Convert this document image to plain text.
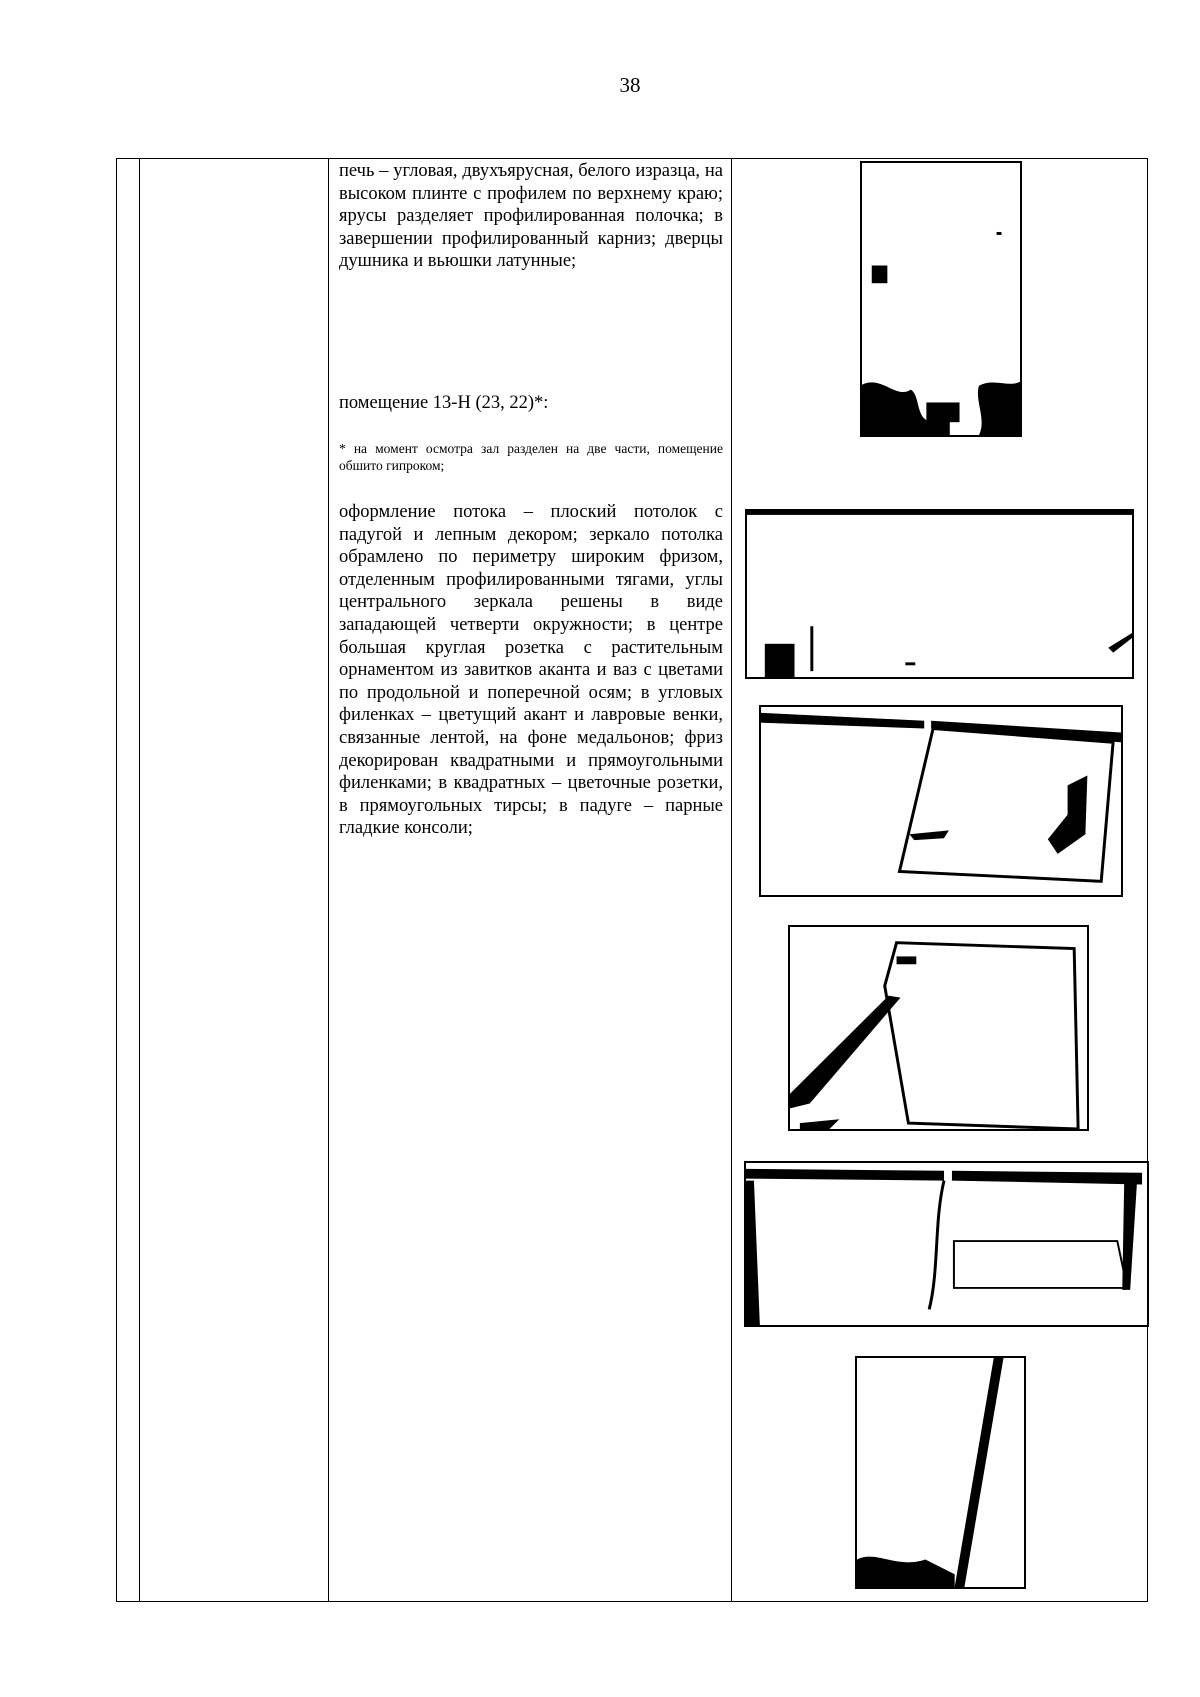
38

печь – угловая, двухъярусная, белого изразца, на высоком плинте с профилем по верхнему краю; ярусы разделяет профилированная полочка; в завершении профилированный карниз; дверцы душника и вьюшки латунные;

помещение 13-Н (23, 22)*:
* на момент осмотра зал разделен на две части, помещение обшито гипроком;

оформление потока – плоский потолок с падугой и лепным декором; зеркало потолка обрамлено по периметру широким фризом, отделенным профилированными тягами, углы центрального зеркала решены в виде западающей четверти окружности; в центре большая круглая розетка с растительным орнаментом из завитков аканта и ваз с цветами по продольной и поперечной осям; в угловых филенках – цветущий акант и лавровые венки, связанные лентой, на фоне медальонов; фриз декорирован квадратными и прямоугольными филенками; в квадратных – цветочные розетки, в прямоугольных тирсы; в падуге – парные гладкие консоли;
